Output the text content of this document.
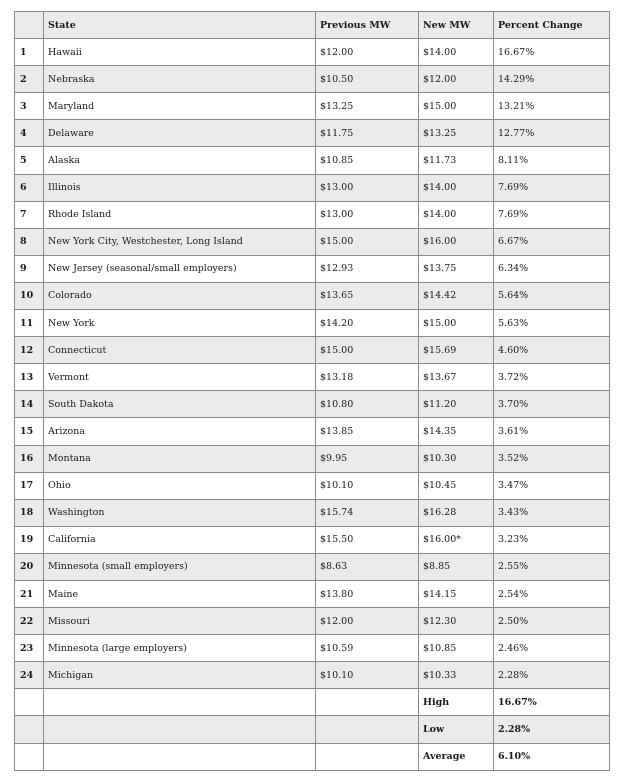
	State	Previous MW	New MW	Percent Change
1	Hawaii	$12.00	$14.00	16.67%
2	Nebraska	$10.50	$12.00	14.29%
3	Maryland	$13.25	$15.00	13.21%
4	Delaware	$11.75	$13.25	12.77%
5	Alaska	$10.85	$11.73	8.11%
6	Illinois	$13.00	$14.00	7.69%
7	Rhode Island	$13.00	$14.00	7.69%
8	New York City, Westchester, Long Island	$15.00	$16.00	6.67%
9	New Jersey (seasonal/small employers)	$12.93	$13.75	6.34%
10	Colorado	$13.65	$14.42	5.64%
11	New York	$14.20	$15.00	5.63%
12	Connecticut	$15.00	$15.69	4.60%
13	Vermont	$13.18	$13.67	3.72%
14	South Dakota	$10.80	$11.20	3.70%
15	Arizona	$13.85	$14.35	3.61%
16	Montana	$9.95	$10.30	3.52%
17	Ohio	$10.10	$10.45	3.47%
18	Washington	$15.74	$16.28	3.43%
19	California	$15.50	$16.00*	3.23%
20	Minnesota (small employers)	$8.63	$8.85	2.55%
21	Maine	$13.80	$14.15	2.54%
22	Missouri	$12.00	$12.30	2.50%
23	Minnesota (large employers)	$10.59	$10.85	2.46%
24	Michigan	$10.10	$10.33	2.28%
			High	16.67%
			Low	2.28%
			Average	6.10%
